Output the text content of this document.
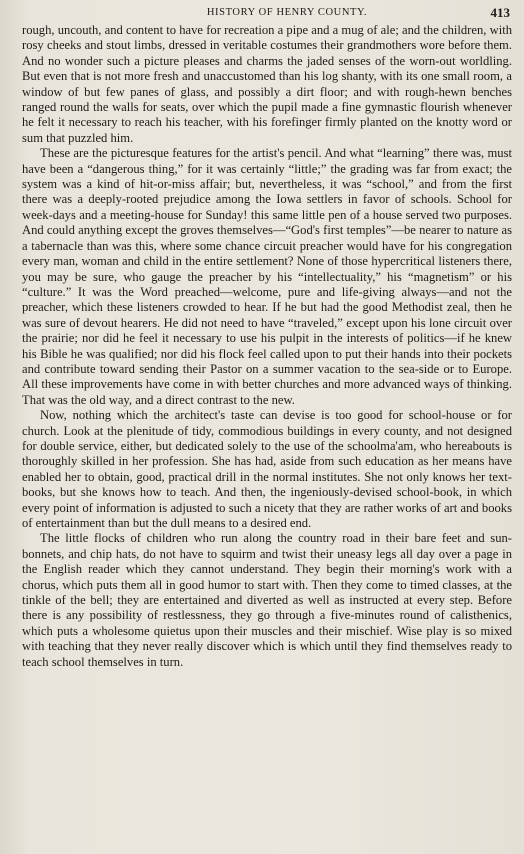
HISTORY OF HENRY COUNTY.	413

rough, uncouth, and content to have for recreation a pipe and a mug of ale; and the children, with rosy cheeks and stout limbs, dressed in veritable costumes their grandmothers wore before them. And no wonder such a picture pleases and charms the jaded senses of the worn-out worldling. But even that is not more fresh and unaccustomed than his log shanty, with its one small room, a window of but few panes of glass, and possibly a dirt floor; and with rough-hewn benches ranged round the walls for seats, over which the pupil made a fine gymnastic flourish whenever he felt it necessary to reach his teacher, with his forefinger firmly planted on the knotty word or sum that puzzled him.

These are the picturesque features for the artist's pencil. And what “learning” there was, must have been a “dangerous thing,” for it was certainly “little;” the grading was far from exact; the system was a kind of hit-or-miss affair; but, nevertheless, it was “school,” and from the first there was a deeply-rooted prejudice among the Iowa settlers in favor of schools. School for week-days and a meeting-house for Sunday! this same little pen of a house served two purposes. And could anything except the groves themselves—“God's first temples”—be nearer to nature as a tabernacle than was this, where some chance circuit preacher would have for his congregation every man, woman and child in the entire settlement? None of those hypercritical listeners there, you may be sure, who gauge the preacher by his “intellectuality,” his “magnetism” or his “culture.” It was the Word preached—welcome, pure and life-giving always—and not the preacher, which these listeners crowded to hear. If he but had the good Methodist zeal, then he was sure of devout hearers. He did not need to have “traveled,” except upon his lone circuit over the prairie; nor did he feel it necessary to use his pulpit in the interests of politics—if he knew his Bible he was qualified; nor did his flock feel called upon to put their hands into their pockets and contribute toward sending their Pastor on a summer vacation to the sea-side or to Europe. All these improvements have come in with better churches and more advanced ways of thinking. That was the old way, and a direct contrast to the new.

Now, nothing which the architect's taste can devise is too good for school-house or for church. Look at the plenitude of tidy, commodious buildings in every county, and not designed for double service, either, but dedicated solely to the use of the schoolma'am, who hereabouts is thoroughly skilled in her profession. She has had, aside from such education as her means have enabled her to obtain, good, practical drill in the normal institutes. She not only knows her text-books, but she knows how to teach. And then, the ingeniously-devised school-book, in which every point of information is adjusted to such a nicety that they are rather works of art and books of entertainment than but the dull means to a desired end.

The little flocks of children who run along the country road in their bare feet and sun-bonnets, and chip hats, do not have to squirm and twist their uneasy legs all day over a page in the English reader which they cannot understand. They begin their morning's work with a chorus, which puts them all in good humor to start with. Then they come to timed classes, at the tinkle of the bell; they are entertained and diverted as well as instructed at every step. Before there is any possibility of restlessness, they go through a five-minutes round of calisthenics, which puts a wholesome quietus upon their muscles and their mischief. Wise play is so mixed with teaching that they never really discover which is which until they find themselves ready to teach school themselves in turn.
